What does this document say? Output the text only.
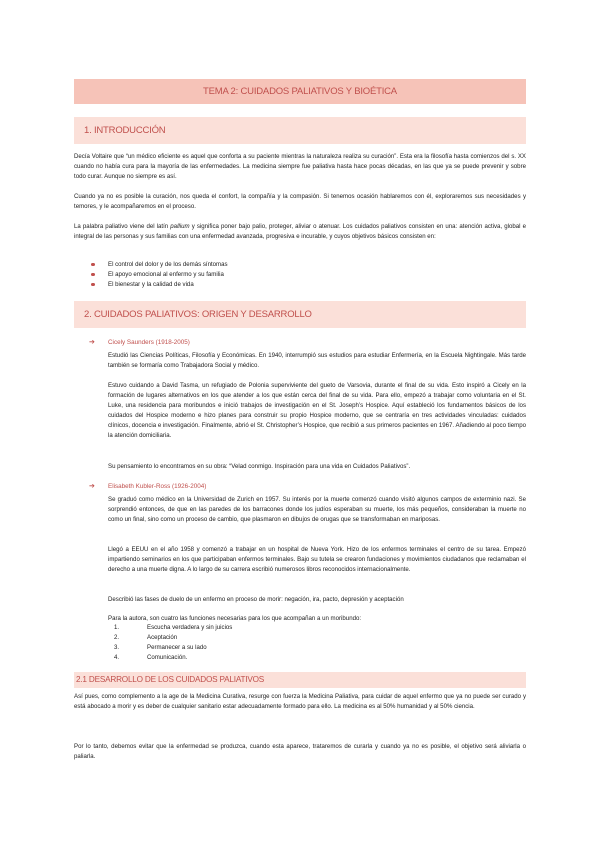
TEMA 2: CUIDADOS PALIATIVOS Y BIOÉTICA
1. INTRODUCCIÓN

Decía Voltaire que “un médico eficiente es aquel que conforta a su paciente mientras la naturaleza realiza su curación”. Esta era la filosofía hasta comienzos del s. XX cuando no había cura para la mayoría de las enfermedades. La medicina siempre fue paliativa hasta hace pocas décadas, en las que ya se puede prevenir y sobre todo curar. Aunque no siempre es así.

Cuando ya no es posible la curación, nos queda el confort, la compañía y la compasión. Si tenemos ocasión hablaremos con él, exploraremos sus necesidades y temores, y le acompañaremos en el proceso.

La palabra paliativo viene del latín pallium y significa poner bajo palio, proteger, aliviar o atenuar. Los cuidados paliativos consisten en una: atención activa, global e integral de las personas y sus familias con una enfermedad avanzada, progresiva e incurable, y cuyos objetivos básicos consisten en:

El control del dolor y de los demás síntomas
El apoyo emocional al enfermo y su familia
El bienestar y la calidad de vida
2. CUIDADOS PALIATIVOS: ORIGEN Y DESARROLLO
➔ Cicely Saunders (1918-2005)

Estudió las Ciencias Políticas, Filosofía y Económicas. En 1940, interrumpió sus estudios para estudiar Enfermería, en la Escuela Nightingale. Más tarde también se formaría como Trabajadora Social y médico.

Estuvo cuidando a David Tasma, un refugiado de Polonia superviviente del gueto de Varsovia, durante el final de su vida. Esto inspiró a Cicely en la formación de lugares alternativos en los que atender a los que están cerca del final de su vida. Para ello, empezó a trabajar como voluntaria en el St. Luke, una residencia para moribundos e inició trabajos de investigación en el St. Joseph’s Hospice. Aquí estableció los fundamentos básicos de los cuidados del Hospice moderno e hizo planes para construir su propio Hospice moderno, que se centraría en tres actividades vinculadas: cuidados clínicos, docencia e investigación. Finalmente, abrió el St. Christopher’s Hospice, que recibió a sus primeros pacientes en 1967. Añadiendo al poco tiempo la atención domiciliaria.

Su pensamiento lo encontramos en su obra: “Velad conmigo. Inspiración para una vida en Cuidados Paliativos”.

➔ Elisabeth Kubler-Ross (1926-2004)

Se graduó como médico en la Universidad de Zurich en 1957. Su interés por la muerte comenzó cuando visitó algunos campos de exterminio nazi. Se sorprendió entonces, de que en las paredes de los barracones donde los judíos esperaban su muerte, los más pequeños, consideraban la muerte no como un final, sino como un proceso de cambio, que plasmaron en dibujos de orugas que se transformaban en mariposas.

Llegó a EEUU en el año 1958 y comenzó a trabajar en un hospital de Nueva York. Hizo de los enfermos terminales el centro de su tarea. Empezó impartiendo seminarios en los que participaban enfermos terminales. Bajo su tutela se crearon fundaciones y movimientos ciudadanos que reclamaban el derecho a una muerte digna. A lo largo de su carrera escribió numerosos libros reconocidos internacionalmente.

Describió las fases de duelo de un enfermo en proceso de morir: negación, ira, pacto, depresión y aceptación

Para la autora, son cuatro las funciones necesarias para los que acompañan a un moribundo:

1.	Escucha verdadera y sin juicios
2.	Aceptación
3.	Permanecer a su lado
4.	Comunicación.
2.1 DESARROLLO DE LOS CUIDADOS PALIATIVOS

Así pues, como complemento a la age de la Medicina Curativa, resurge con fuerza la Medicina Paliativa, para cuidar de aquel enfermo que ya no puede ser curado y está abocado a morir y es deber de cualquier sanitario estar adecuadamente formado para ello. La medicina es al 50% humanidad y al 50% ciencia.

Por lo tanto, debemos evitar que la enfermedad se produzca, cuando esta aparece, trataremos de curarla y cuando ya no es posible, el objetivo será aliviarla o paliarla.
